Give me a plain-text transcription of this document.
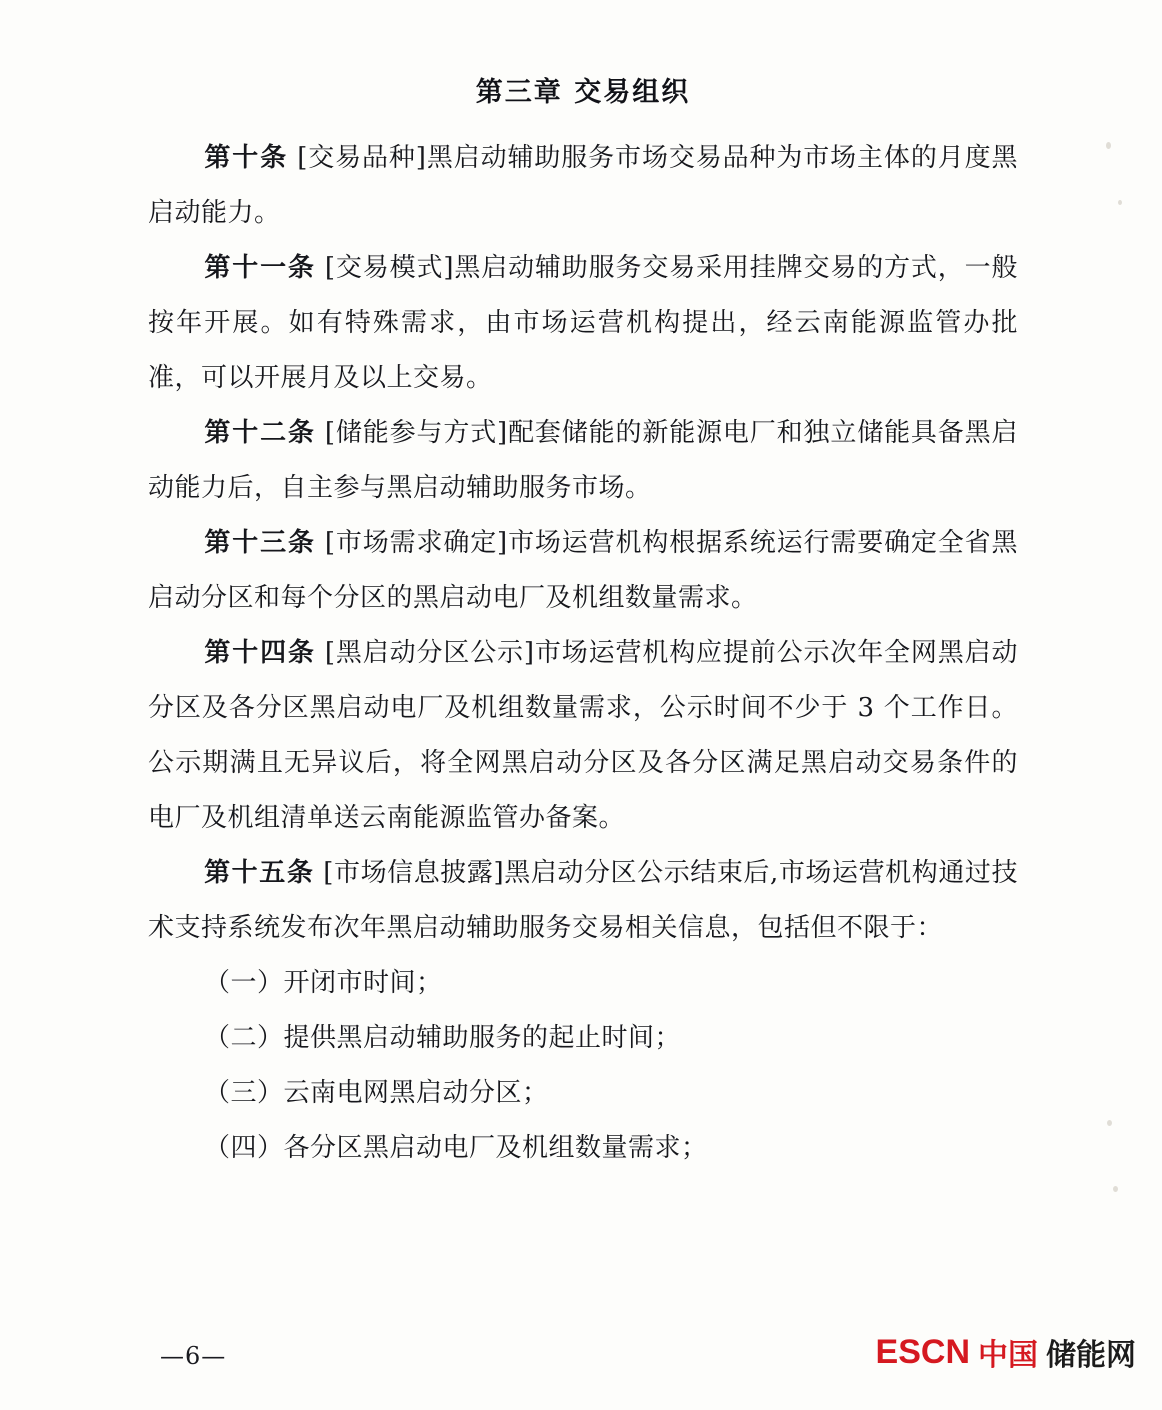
第三章 交易组织

第十条 [交易品种]黑启动辅助服务市场交易品种为市场主体的月度黑启动能力。

第十一条 [交易模式]黑启动辅助服务交易采用挂牌交易的方式，一般按年开展。如有特殊需求，由市场运营机构提出，经云南能源监管办批准，可以开展月及以上交易。

第十二条 [储能参与方式]配套储能的新能源电厂和独立储能具备黑启动能力后，自主参与黑启动辅助服务市场。

第十三条 [市场需求确定]市场运营机构根据系统运行需要确定全省黑启动分区和每个分区的黑启动电厂及机组数量需求。

第十四条 [黑启动分区公示]市场运营机构应提前公示次年全网黑启动分区及各分区黑启动电厂及机组数量需求，公示时间不少于 3 个工作日。公示期满且无异议后，将全网黑启动分区及各分区满足黑启动交易条件的电厂及机组清单送云南能源监管办备案。

第十五条 [市场信息披露]黑启动分区公示结束后,市场运营机构通过技术支持系统发布次年黑启动辅助服务交易相关信息，包括但不限于：

（一）开闭市时间；

（二）提供黑启动辅助服务的起止时间；

（三）云南电网黑启动分区；

（四）各分区黑启动电厂及机组数量需求；

—6—	ESCN 中国 储能网
